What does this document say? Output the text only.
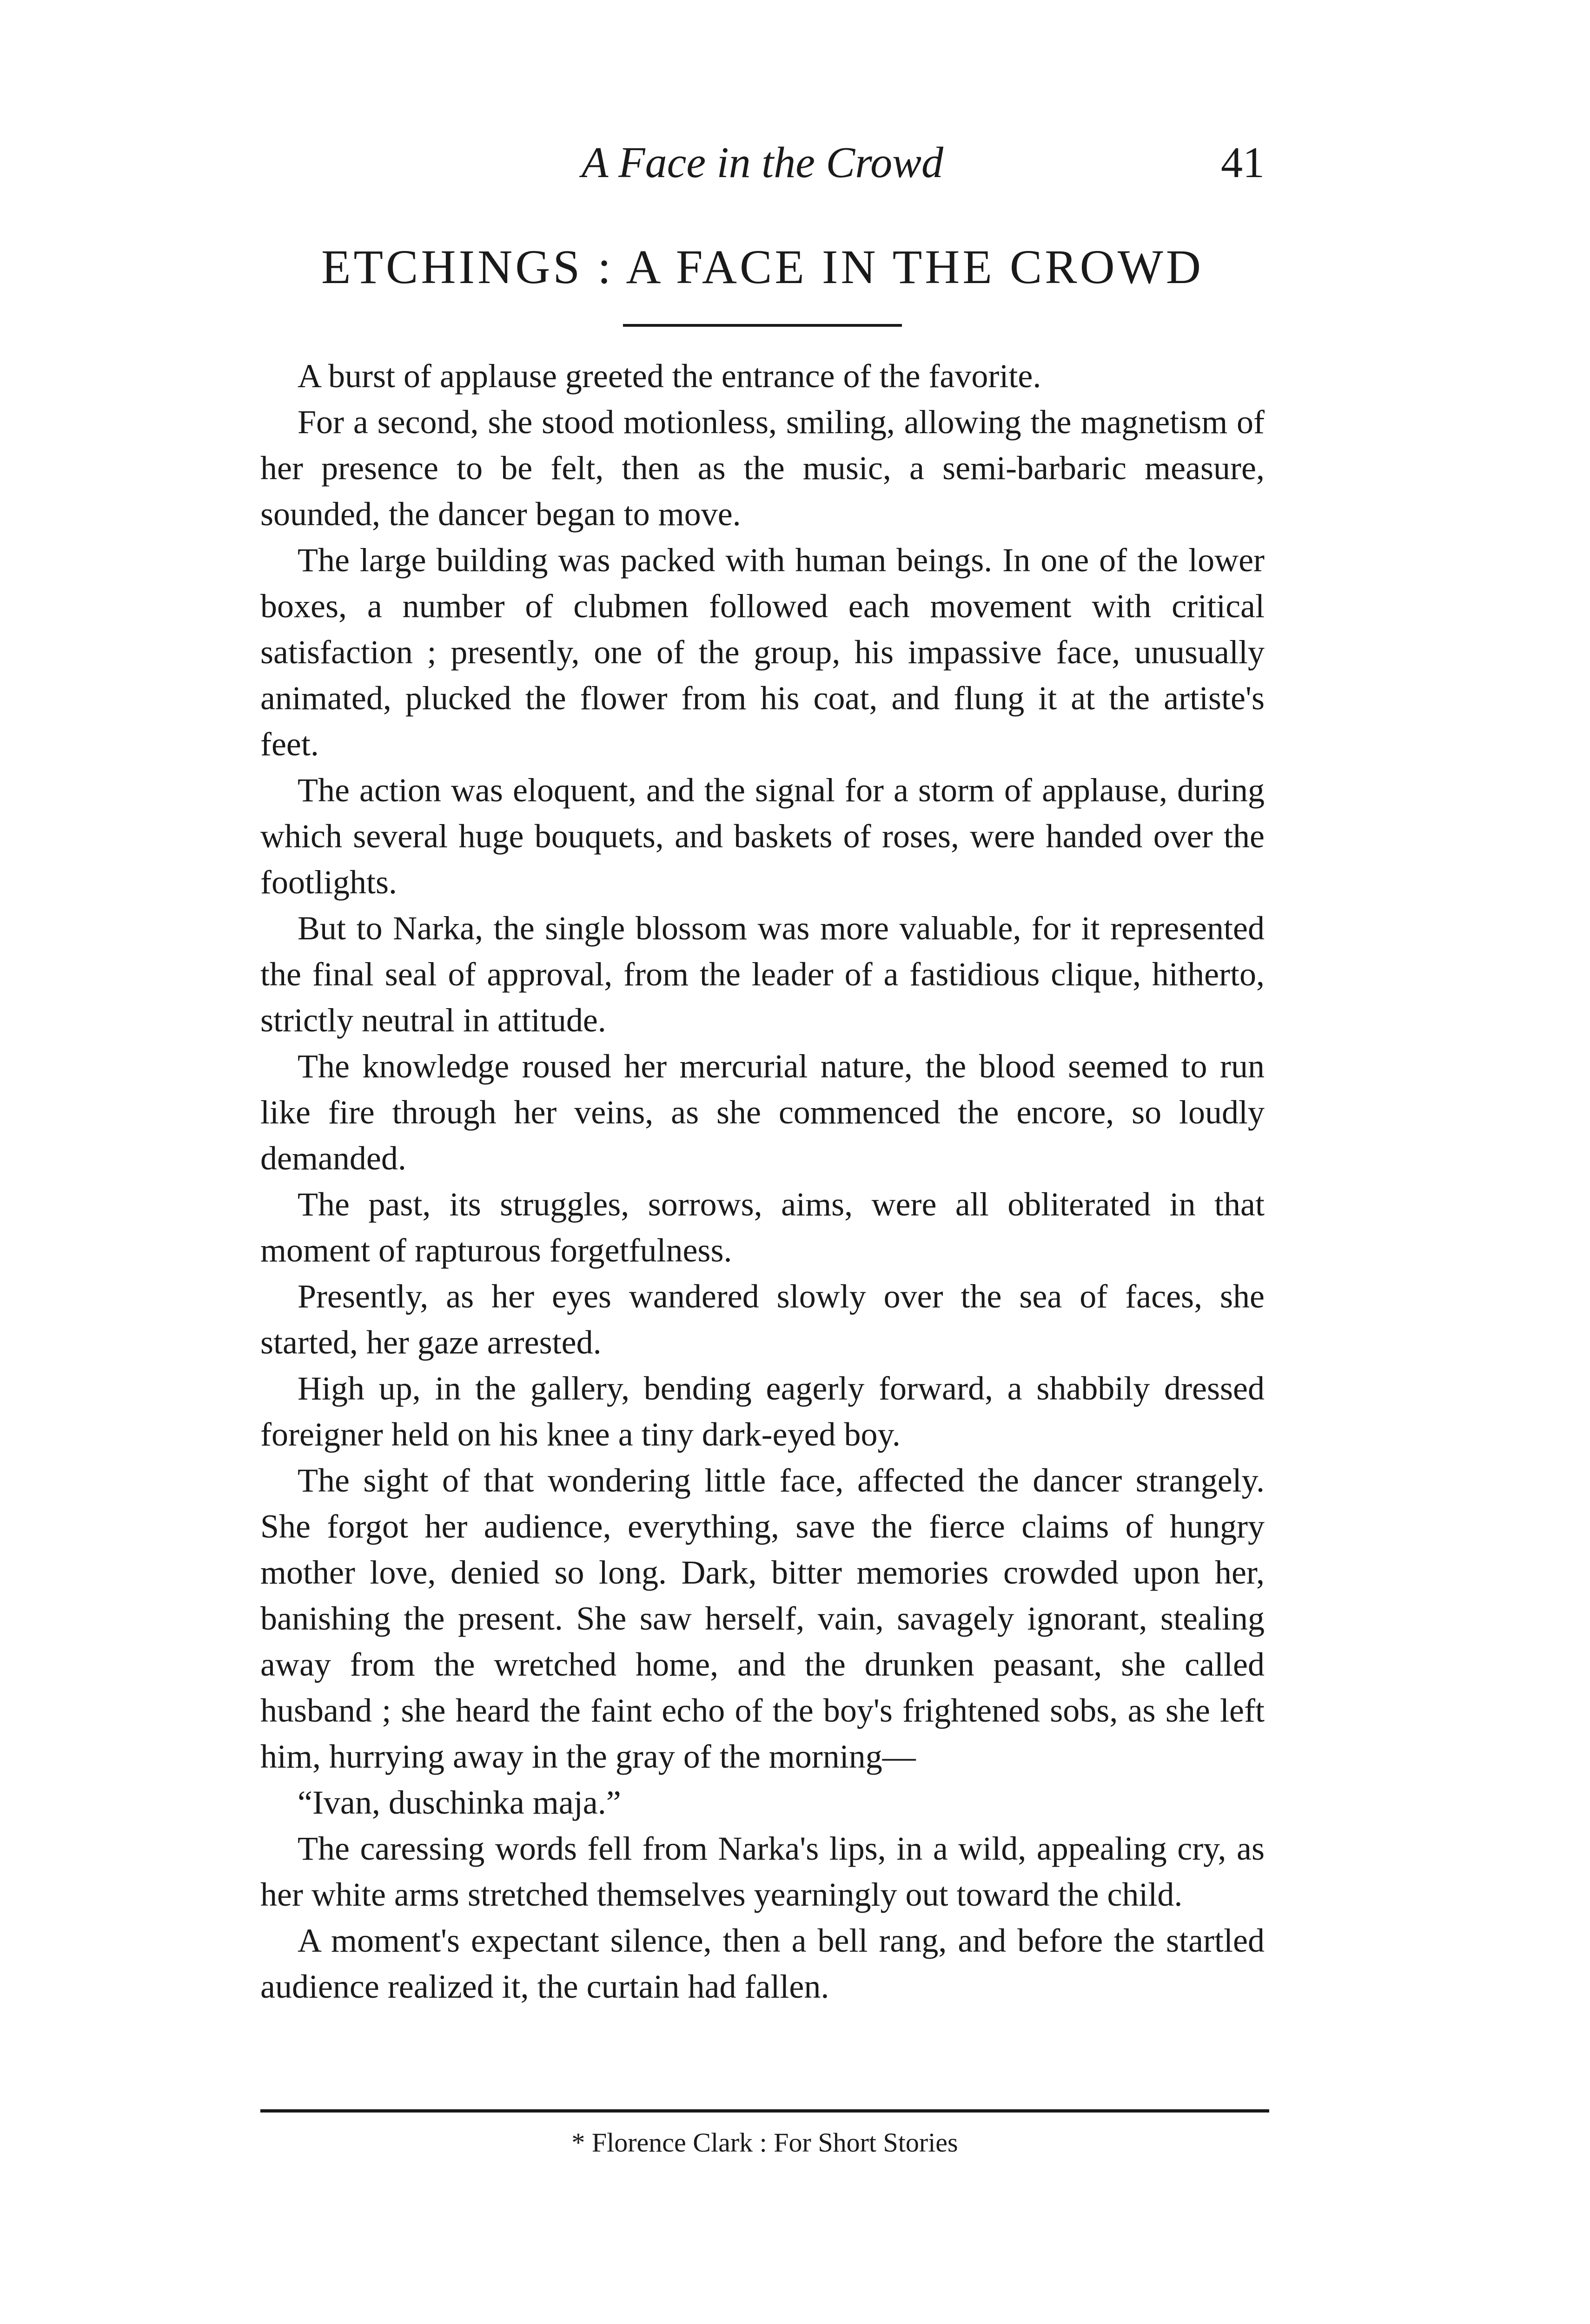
A Face in the Crowd	41
ETCHINGS : A FACE IN THE CROWD

A burst of applause greeted the entrance of the favorite.

For a second, she stood motionless, smiling, allowing the magnetism of her presence to be felt, then as the music, a semi-barbaric measure, sounded, the dancer began to move.

The large building was packed with human beings. In one of the lower boxes, a number of clubmen followed each movement with critical satisfaction ; presently, one of the group, his impassive face, unusually animated, plucked the flower from his coat, and flung it at the artiste's feet.

The action was eloquent, and the signal for a storm of applause, during which several huge bouquets, and baskets of roses, were handed over the footlights.

But to Narka, the single blossom was more valuable, for it represented the final seal of approval, from the leader of a fastidious clique, hitherto, strictly neutral in attitude.

The knowledge roused her mercurial nature, the blood seemed to run like fire through her veins, as she commenced the encore, so loudly demanded.

The past, its struggles, sorrows, aims, were all obliterated in that moment of rapturous forgetfulness.

Presently, as her eyes wandered slowly over the sea of faces, she started, her gaze arrested.

High up, in the gallery, bending eagerly forward, a shabbily dressed foreigner held on his knee a tiny dark-eyed boy.

The sight of that wondering little face, affected the dancer strangely. She forgot her audience, everything, save the fierce claims of hungry mother love, denied so long. Dark, bitter memories crowded upon her, banishing the present. She saw herself, vain, savagely ignorant, stealing away from the wretched home, and the drunken peasant, she called husband ; she heard the faint echo of the boy's frightened sobs, as she left him, hurrying away in the gray of the morning—

“Ivan, duschinka maja.”

The caressing words fell from Narka's lips, in a wild, appealing cry, as her white arms stretched themselves yearningly out toward the child.

A moment's expectant silence, then a bell rang, and before the startled audience realized it, the curtain had fallen.

* Florence Clark : For Short Stories
